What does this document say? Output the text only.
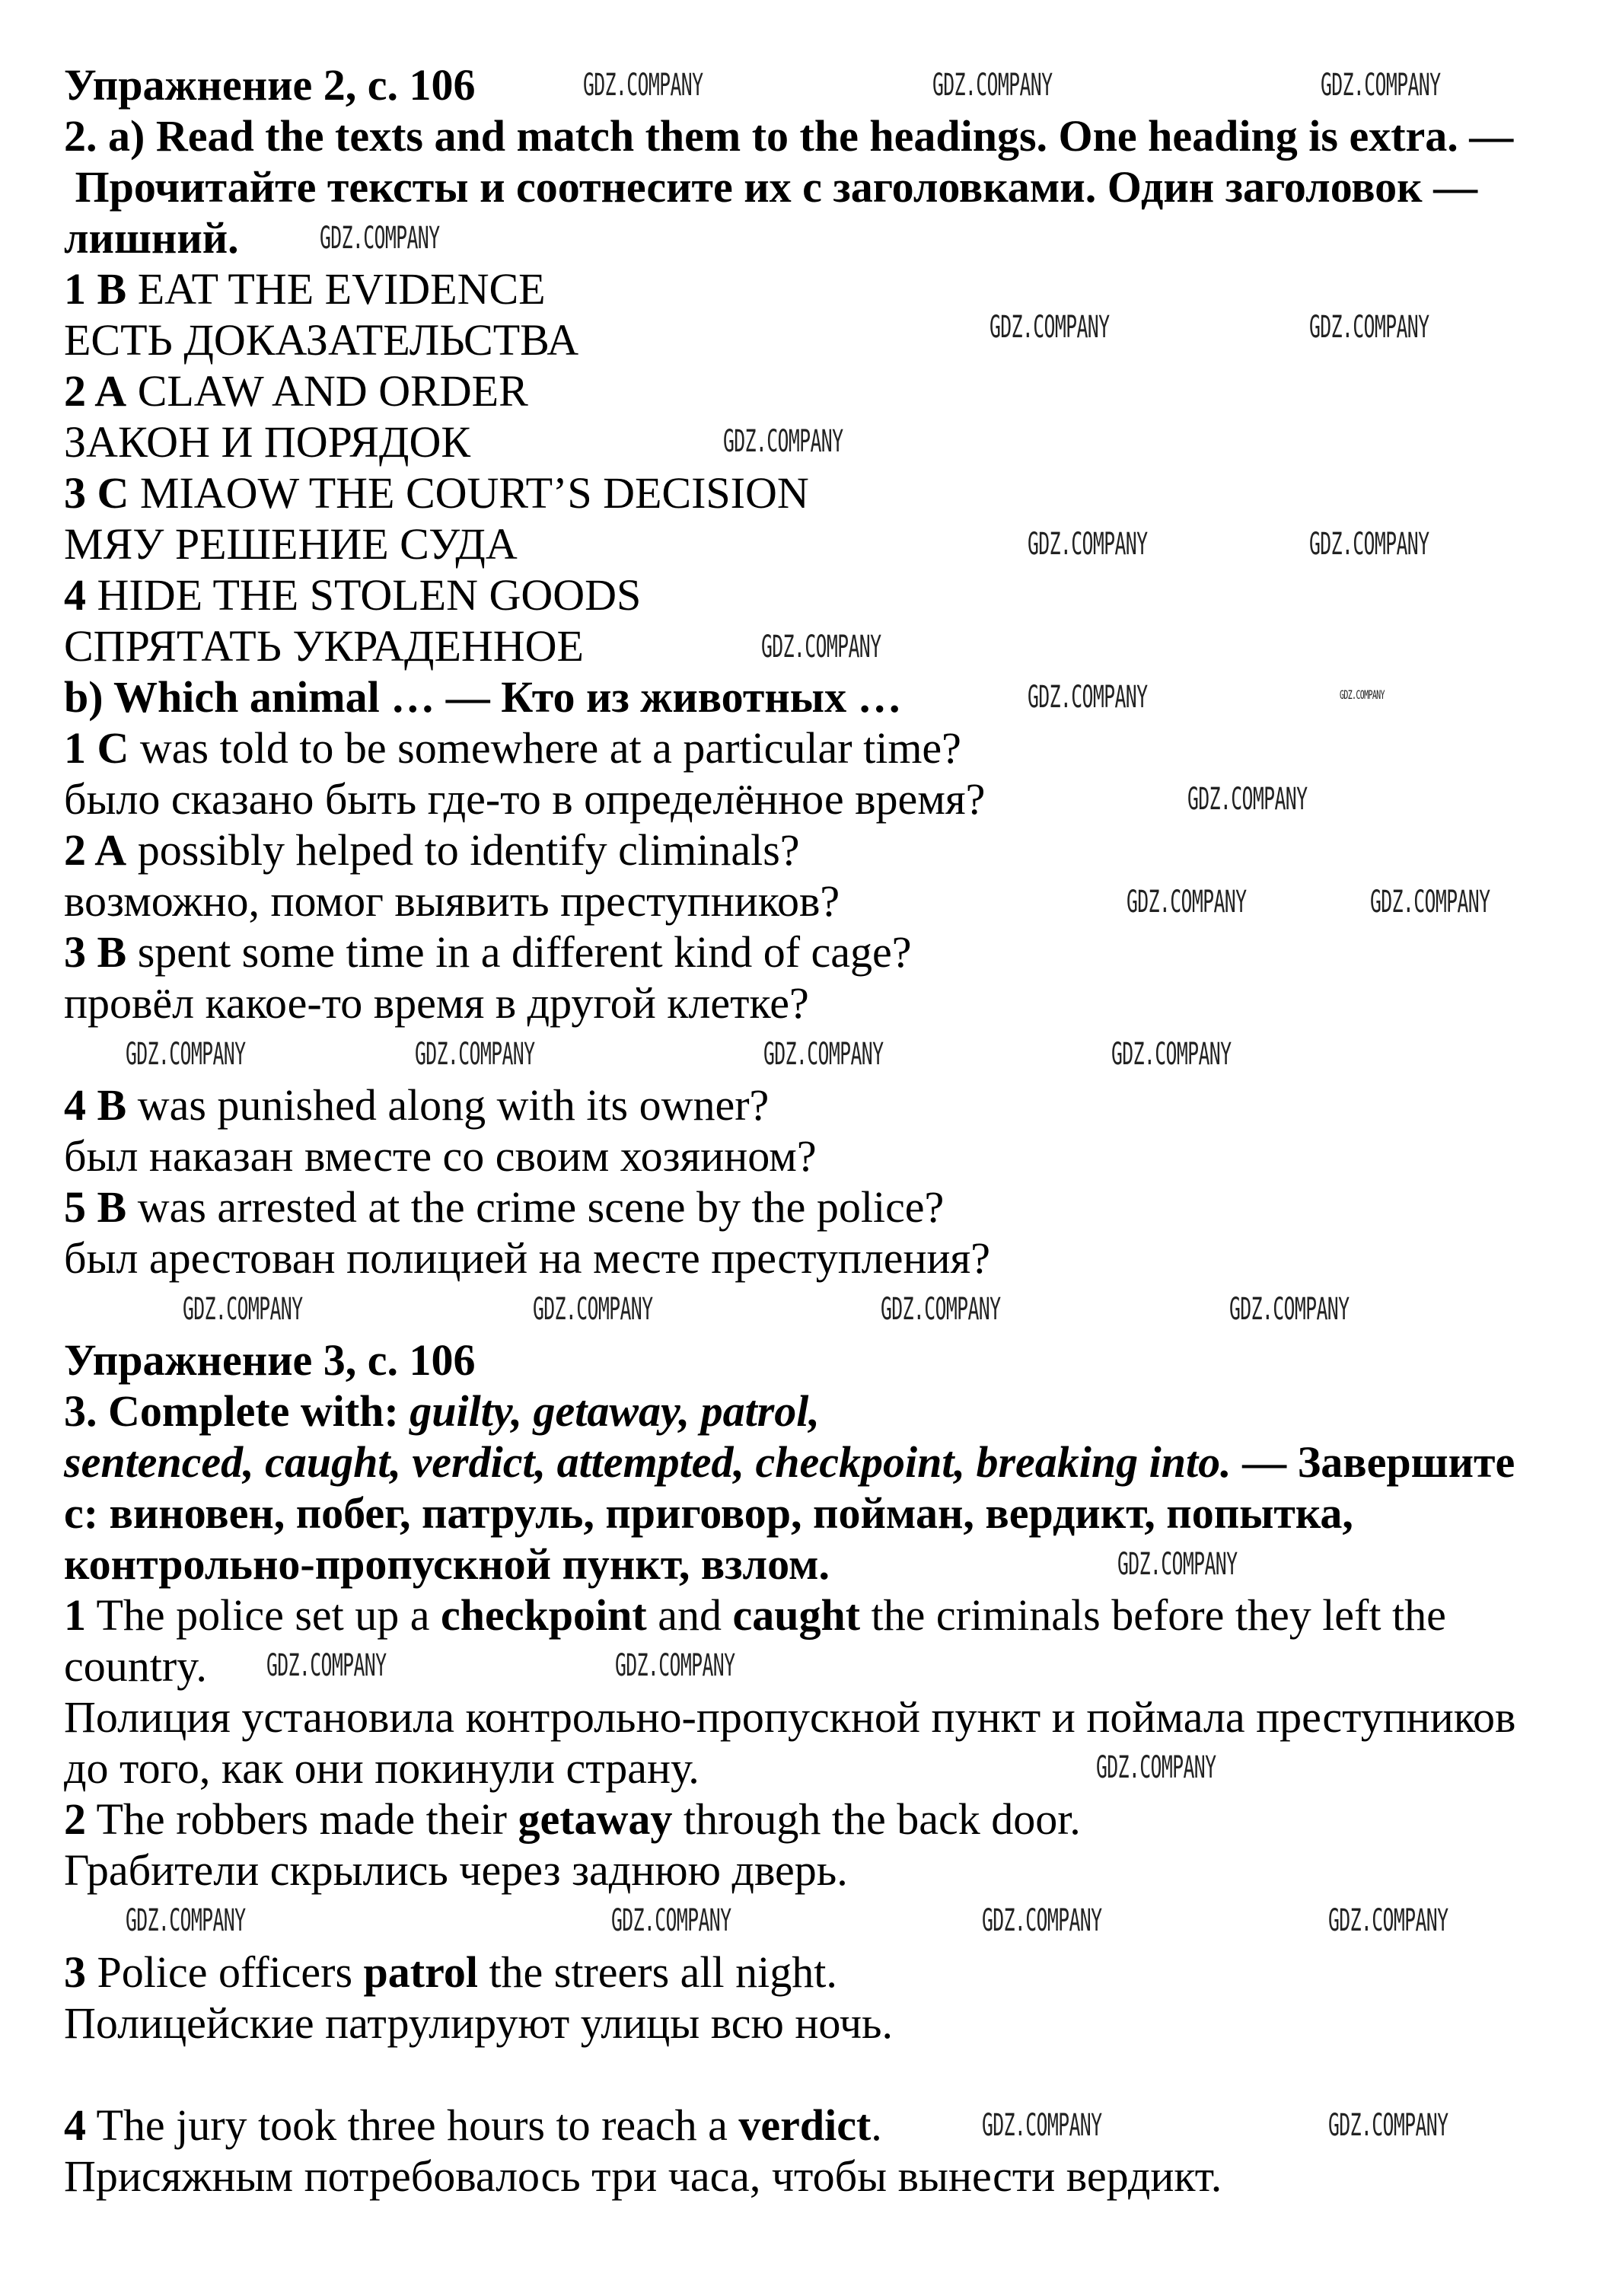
Упражнение 2, с. 106
2. a) Read the texts and match them to the headings. One heading is extra. —
Прочитайте тексты и соотнесите их с заголовками. Один заголовок —
лишний.
1 B EAT THE EVIDENCE
ЕСТЬ ДОКАЗАТЕЛЬСТВА
2 A CLAW AND ORDER
ЗАКОН И ПОРЯДОК
3 C MIAOW THE COURT’S DECISION
МЯУ РЕШЕНИЕ СУДА
4 HIDE THE STOLEN GOODS
СПРЯТАТЬ УКРАДЕННОЕ
b) Which animal … — Кто из животных …
1 C was told to be somewhere at a particular time?
было сказано быть где-то в определённое время?
2 A possibly helped to identify climinals?
возможно, помог выявить преступников?
3 B spent some time in a different kind of cage?
провёл какое-то время в другой клетке?
4 B was punished along with its owner?
был наказан вместе со своим хозяином?
5 B was arrested at the crime scene by the police?
был арестован полицией на месте преступления?
Упражнение 3, с. 106
3. Complete with: guilty, getaway, patrol,
sentenced, caught, verdict, attempted, checkpoint, breaking into. — Завершите
с: виновен, побег, патруль, приговор, пойман, вердикт, попытка,
контрольно-пропускной пункт, взлом.
1 The police set up a checkpoint and caught the criminals before they left the
country.
Полиция установила контрольно-пропускной пункт и поймала преступников
до того, как они покинули страну.
2 The robbers made their getaway through the back door.
Грабители скрылись через заднюю дверь.
3 Police officers patrol the streers all night.
Полицейские патрулируют улицы всю ночь.
4 The jury took three hours to reach a verdict.
Присяжным потребовалось три часа, чтобы вынести вердикт.
GDZ.COMPANY	GDZ.COMPANY	GDZ.COMPANY
GDZ.COMPANY
GDZ.COMPANY	GDZ.COMPANY
GDZ.COMPANY
GDZ.COMPANY	GDZ.COMPANY
GDZ.COMPANY
GDZ.COMPANY	GDZ.COMPANY
GDZ.COMPANY
GDZ.COMPANY	GDZ.COMPANY
GDZ.COMPANY
GDZ.COMPANY	GDZ.COMPANY	GDZ.COMPANY
GDZ.COMPANY	GDZ.COMPANY	GDZ.COMPANY	GDZ.COMPANY
GDZ.COMPANY
GDZ.COMPANY	GDZ.COMPANY
GDZ.COMPANY
GDZ.COMPANY	GDZ.COMPANY	GDZ.COMPANY	GDZ.COMPANY
GDZ.COMPANY	GDZ.COMPANY
